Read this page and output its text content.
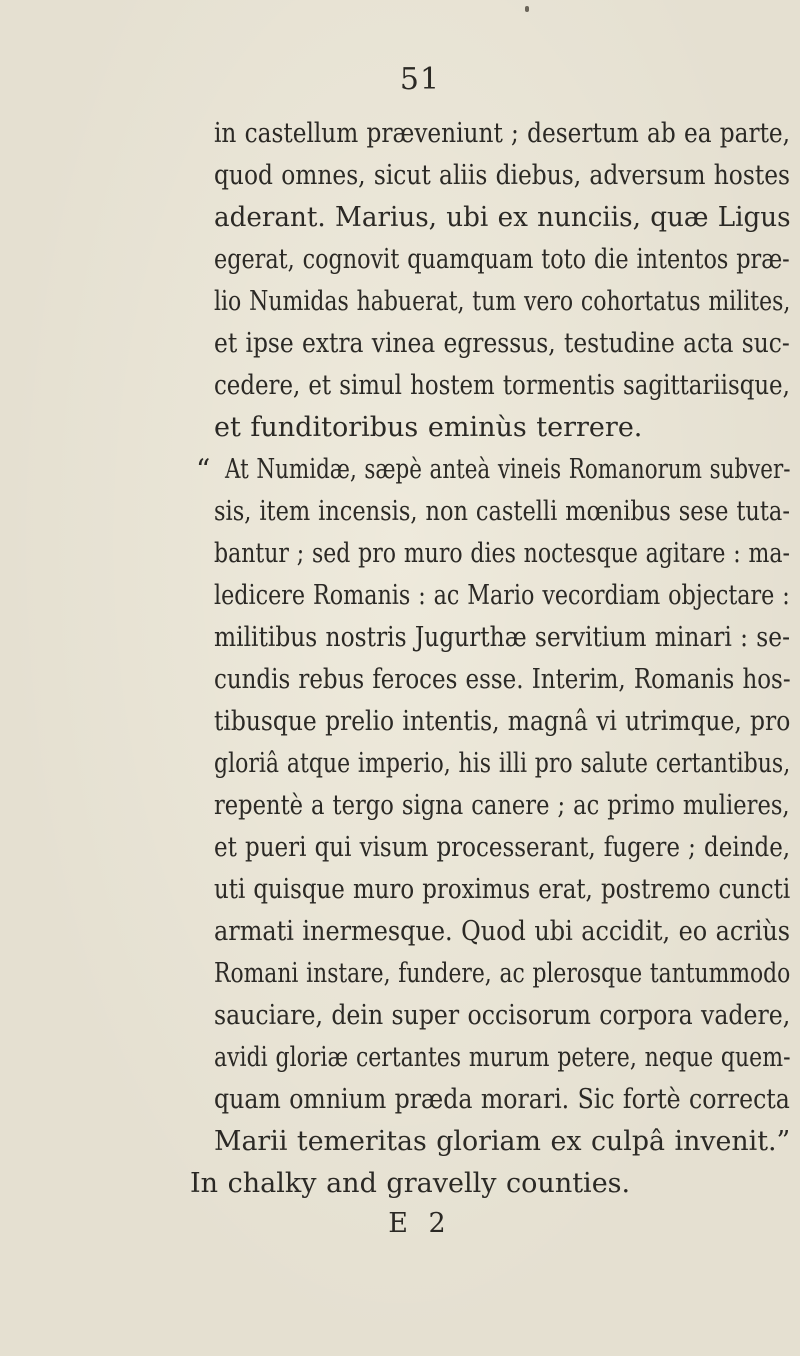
51
in castellum præveniunt ; desertum ab ea parte,
quod omnes, sicut aliis diebus, adversum hostes
aderant. Marius, ubi ex nunciis, quæ Ligus
egerat, cognovit quamquam toto die intentos præ-
lio Numidas habuerat, tum vero cohortatus milites,
et ipse extra vinea egressus, testudine acta suc-
cedere, et simul hostem tormentis sagittariisque,
et funditoribus eminùs terrere.
“ At Numidæ, sæpè anteà vineis Romanorum subver-
sis, item incensis, non castelli mœnibus sese tuta-
bantur ; sed pro muro dies noctesque agitare : ma-
ledicere Romanis : ac Mario vecordiam objectare :
militibus nostris Jugurthæ servitium minari : se-
cundis rebus feroces esse. Interim, Romanis hos-
tibusque prelio intentis, magnâ vi utrimque, pro
gloriâ atque imperio, his illi pro salute certantibus,
repentè a tergo signa canere ; ac primo mulieres,
et pueri qui visum processerant, fugere ; deinde,
uti quisque muro proximus erat, postremo cuncti
armati inermesque. Quod ubi accidit, eo acriùs
Romani instare, fundere, ac plerosque tantummodo
sauciare, dein super occisorum corpora vadere,
avidi gloriæ certantes murum petere, neque quem-
quam omnium præda morari. Sic fortè correcta
Marii temeritas gloriam ex culpâ invenit.”
In chalky and gravelly counties.
E 2
